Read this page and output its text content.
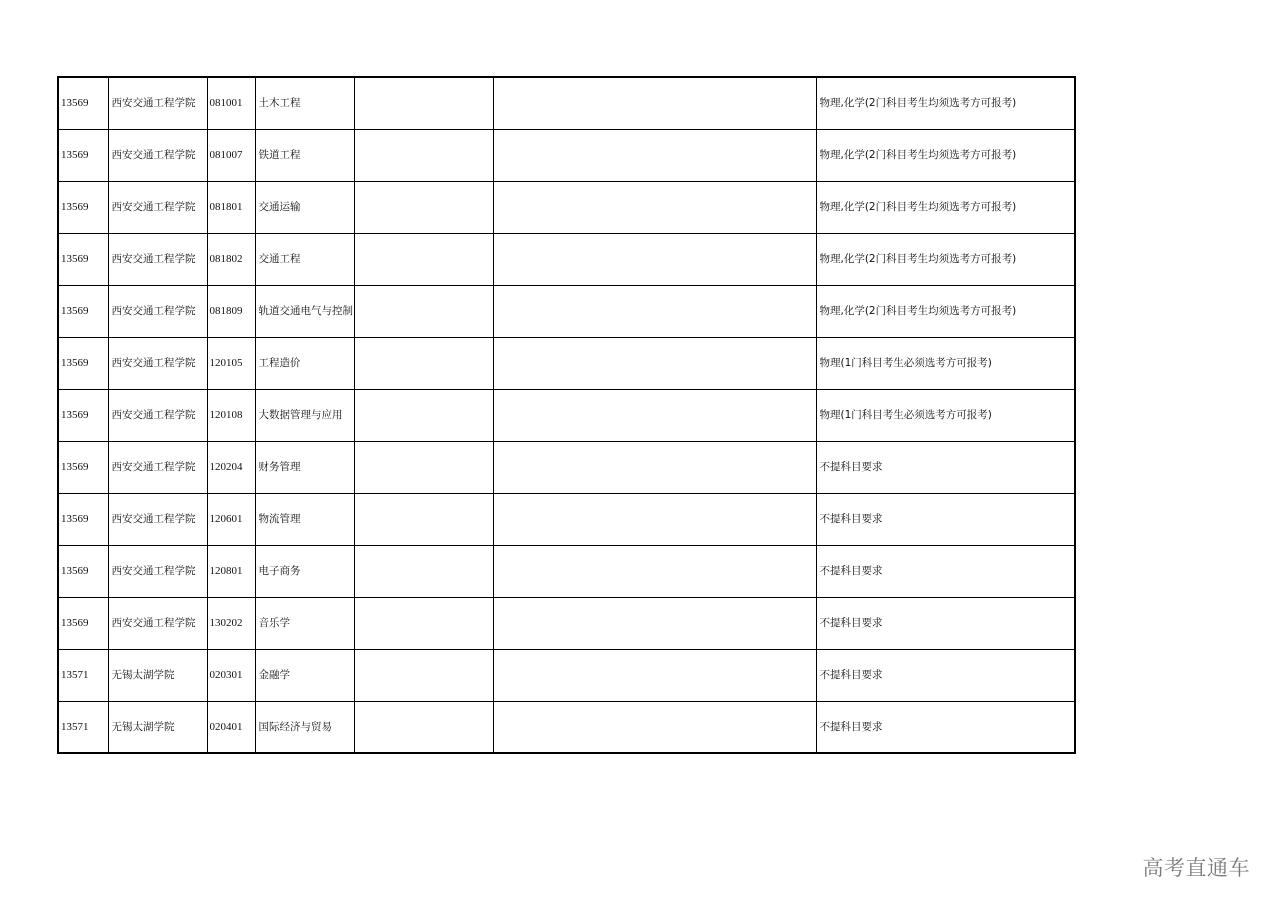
13569	西安交通工程学院	081001	土木工程			物理,化学(2门科目考生均须选考方可报考)
13569	西安交通工程学院	081007	铁道工程			物理,化学(2门科目考生均须选考方可报考)
13569	西安交通工程学院	081801	交通运输			物理,化学(2门科目考生均须选考方可报考)
13569	西安交通工程学院	081802	交通工程			物理,化学(2门科目考生均须选考方可报考)
13569	西安交通工程学院	081809	轨道交通电气与控制			物理,化学(2门科目考生均须选考方可报考)
13569	西安交通工程学院	120105	工程造价			物理(1门科目考生必须选考方可报考)
13569	西安交通工程学院	120108	大数据管理与应用			物理(1门科目考生必须选考方可报考)
13569	西安交通工程学院	120204	财务管理			不提科目要求
13569	西安交通工程学院	120601	物流管理			不提科目要求
13569	西安交通工程学院	120801	电子商务			不提科目要求
13569	西安交通工程学院	130202	音乐学			不提科目要求
13571	无锡太湖学院	020301	金融学			不提科目要求
13571	无锡太湖学院	020401	国际经济与贸易			不提科目要求
高考直通车
